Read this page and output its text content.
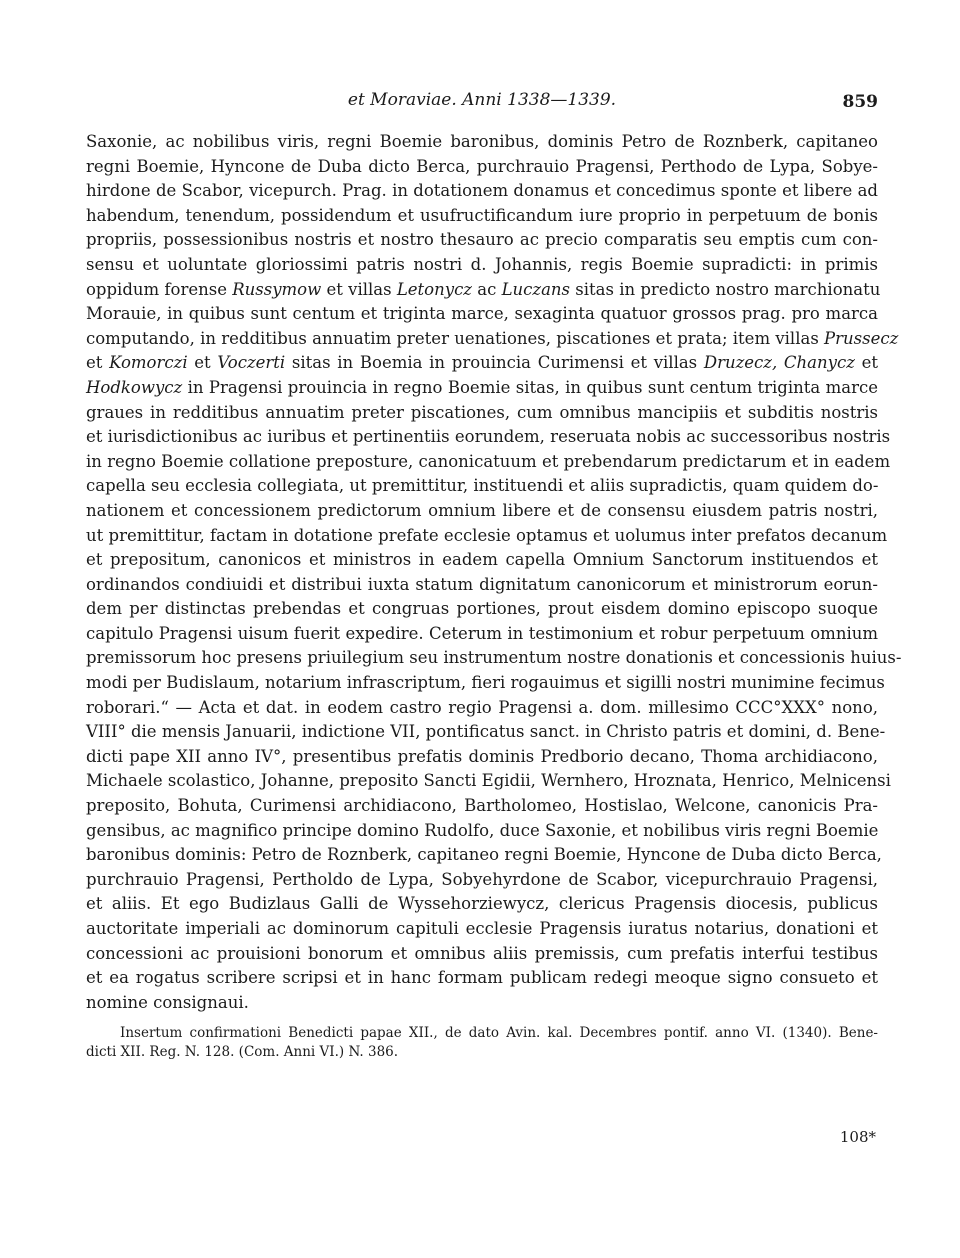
et Moraviae. Anni 1338—1339.	859
Saxonie, ac nobilibus viris, regni Boemie baronibus, dominis Petro de Roznberk, capitaneo
regni Boemie, Hyncone de Duba dicto Berca, purchrauio Pragensi, Perthodo de Lypa, Sobye-
hirdone de Scabor, vicepurch. Prag. in dotationem donamus et concedimus sponte et libere ad
habendum, tenendum, possidendum et usufructificandum iure proprio in perpetuum de bonis
propriis, possessionibus nostris et nostro thesauro ac precio comparatis seu emptis cum con-
sensu et uoluntate gloriossimi patris nostri d. Johannis, regis Boemie supradicti: in primis
oppidum forense Russymow et villas Letonycz ac Luczans sitas in predicto nostro marchionatu
Morauie, in quibus sunt centum et triginta marce, sexaginta quatuor grossos prag. pro marca
computando, in redditibus annuatim preter uenationes, piscationes et prata; item villas Prussecz
et Komorczi et Voczerti sitas in Boemia in prouincia Curimensi et villas Druzecz, Chanycz et
Hodkowycz in Pragensi prouincia in regno Boemie sitas, in quibus sunt centum triginta marce
graues in redditibus annuatim preter piscationes, cum omnibus mancipiis et subditis nostris
et iurisdictionibus ac iuribus et pertinentiis eorundem, reseruata nobis ac successoribus nostris
in regno Boemie collatione preposture, canonicatuum et prebendarum predictarum et in eadem
capella seu ecclesia collegiata, ut premittitur, instituendi et aliis supradictis, quam quidem do-
nationem et concessionem predictorum omnium libere et de consensu eiusdem patris nostri,
ut premittitur, factam in dotatione prefate ecclesie optamus et uolumus inter prefatos decanum
et prepositum, canonicos et ministros in eadem capella Omnium Sanctorum instituendos et
ordinandos condiuidi et distribui iuxta statum dignitatum canonicorum et ministrorum eorun-
dem per distinctas prebendas et congruas portiones, prout eisdem domino episcopo suoque
capitulo Pragensi uisum fuerit expedire. Ceterum in testimonium et robur perpetuum omnium
premissorum hoc presens priuilegium seu instrumentum nostre donationis et concessionis huius-
modi per Budislaum, notarium infrascriptum, fieri rogauimus et sigilli nostri munimine fecimus
roborari.“ — Acta et dat. in eodem castro regio Pragensi a. dom. millesimo CCC°XXX° nono,
VIII° die mensis Januarii, indictione VII, pontificatus sanct. in Christo patris et domini, d. Bene-
dicti pape XII anno IV°, presentibus prefatis dominis Predborio decano, Thoma archidiacono,
Michaele scolastico, Johanne, preposito Sancti Egidii, Wernhero, Hroznata, Henrico, Melnicensi
preposito, Bohuta, Curimensi archidiacono, Bartholomeo, Hostislao, Welcone, canonicis Pra-
gensibus, ac magnifico principe domino Rudolfo, duce Saxonie, et nobilibus viris regni Boemie
baronibus dominis: Petro de Roznberk, capitaneo regni Boemie, Hyncone de Duba dicto Berca,
purchrauio Pragensi, Pertholdo de Lypa, Sobyehyrdone de Scabor, vicepurchrauio Pragensi,
et aliis. Et ego Budizlaus Galli de Wyssehorziewycz, clericus Pragensis diocesis, publicus
auctoritate imperiali ac dominorum capituli ecclesie Pragensis iuratus notarius, donationi et
concessioni ac prouisioni bonorum et omnibus aliis premissis, cum prefatis interfui testibus
et ea rogatus scribere scripsi et in hanc formam publicam redegi meoque signo consueto et
nomine consignaui.
Insertum confirmationi Benedicti papae XII., de dato Avin. kal. Decembres pontif. anno VI. (1340). Bene-
dicti XII. Reg. N. 128. (Com. Anni VI.) N. 386.
108*
